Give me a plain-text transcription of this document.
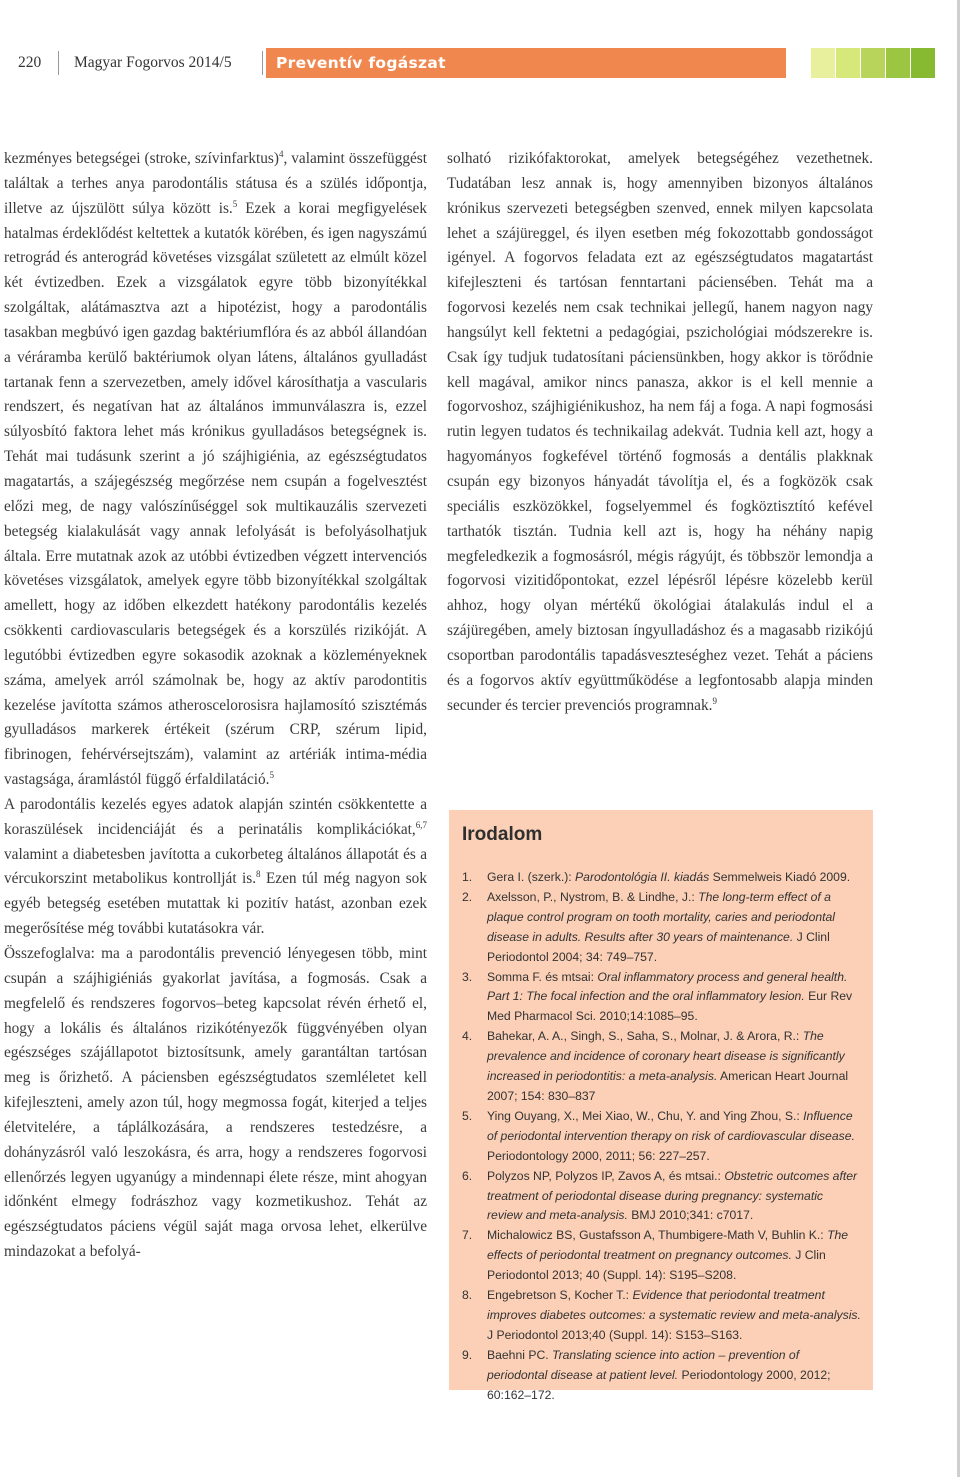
220 Magyar Fogorvos 2014/5	Preventív fogászat

kezményes betegségei (stroke, szívinfarktus)$^4$, valamint összefüggést találtak a terhes anya parodontális státusa és a szülés időpontja, illetve az újszülött súlya között is.$^5$ Ezek a korai megfigyelések hatalmas érdeklődést keltettek a kutatók körében, és igen nagyszámú retrográd és anterográd követéses vizsgálat született az elmúlt közel két évtizedben. Ezek a vizsgálatok egyre több bizonyítékkal szolgáltak, alátámasztva azt a hipotézist, hogy a parodontális tasakban megbúvó igen gazdag baktériumflóra és az abból állandóan a véráramba kerülő baktériumok olyan látens, általános gyulladást tartanak fenn a szervezetben, amely idővel károsíthatja a vascularis rendszert, és negatívan hat az általános immunválaszra is, ezzel súlyosbító faktora lehet más krónikus gyulladásos betegségnek is. Tehát mai tudásunk szerint a jó szájhigiénia, az egészségtudatos magatartás, a szájegészség megőrzése nem csupán a fogelvesztést előzi meg, de nagy valószínűséggel sok multikauzális szervezeti betegség kialakulását vagy annak lefolyását is befolyásolhatjuk általa. Erre mutatnak azok az utóbbi évtizedben végzett intervenciós követéses vizsgálatok, amelyek egyre több bizonyítékkal szolgáltak amellett, hogy az időben elkezdett hatékony parodontális kezelés csökkenti cardiovascularis betegségek és a korszülés rizikóját. A legutóbbi évtizedben egyre sokasodik azoknak a közleményeknek száma, amelyek arról számolnak be, hogy az aktív parodontitis kezelése javította számos atheroscelorosisra hajlamosító szisztémás gyulladásos markerek értékeit (szérum CRP, szérum lipid, fibrinogen, fehérvérsejtszám), valamint az artériák intima-média vastagsága, áramlástól függő érfaldilatáció.$^5$

A parodontális kezelés egyes adatok alapján szintén csökkentette a koraszülések incidenciáját és a perinatális komplikációkat,$^{6,7}$ valamint a diabetesben javította a cukorbeteg általános állapotát és a vércukorszint metabolikus kontrollját is.$^8$ Ezen túl még nagyon sok egyéb betegség esetében mutattak ki pozitív hatást, azonban ezek megerősítése még további kutatásokra vár.

Összefoglalva: ma a parodontális prevenció lényegesen több, mint csupán a szájhigiéniás gyakorlat javítása, a fogmosás. Csak a megfelelő és rendszeres fogorvos–beteg kapcsolat révén érhető el, hogy a lokális és általános rizikótényezők függvényében olyan egészséges szájállapotot biztosítsunk, amely garantáltan tartósan meg is őrizhető. A páciensben egészségtudatos szemléletet kell kifejleszteni, amely azon túl, hogy megmossa fogát, kiterjed a teljes életvitelére, a táplálkozására, a rendszeres testedzésre, a dohányzásról való leszokásra, és arra, hogy a rendszeres fogorvosi ellenőrzés legyen ugyanúgy a mindennapi élete része, mint ahogyan időnként elmegy fodrászhoz vagy kozmetikushoz. Tehát az egészségtudatos páciens végül saját maga orvosa lehet, elkerülve mindazokat a befolyá-

solható rizikófaktorokat, amelyek betegségéhez vezethetnek. Tudatában lesz annak is, hogy amennyiben bizonyos általános krónikus szervezeti betegségben szenved, ennek milyen kapcsolata lehet a szájüreggel, és ilyen esetben még fokozottabb gondosságot igényel. A fogorvos feladata ezt az egészségtudatos magatartást kifejleszteni és tartósan fenntartani páciensében. Tehát ma a fogorvosi kezelés nem csak technikai jellegű, hanem nagyon nagy hangsúlyt kell fektetni a pedagógiai, pszichológiai módszerekre is. Csak így tudjuk tudatosítani páciensünkben, hogy akkor is törődnie kell magával, amikor nincs panasza, akkor is el kell mennie a fogorvoshoz, szájhigiénikushoz, ha nem fáj a foga. A napi fogmosási rutin legyen tudatos és technikailag adekvát. Tudnia kell azt, hogy a hagyományos fogkefével történő fogmosás a dentális plakknak csupán egy bizonyos hányadát távolítja el, és a fogközök csak speciális eszközökkel, fogselyemmel és fogköztisztító kefével tarthatók tisztán. Tudnia kell azt is, hogy ha néhány napig megfeledkezik a fogmosásról, mégis rágyújt, és többször lemondja a fogorvosi vizitidőpontokat, ezzel lépésről lépésre közelebb kerül ahhoz, hogy olyan mértékű ökológiai átalakulás indul el a szájüregében, amely biztosan íngyulladáshoz és a magasabb rizikójú csoportban parodontális tapadásveszteséghez vezet. Tehát a páciens és a fogorvos aktív együttműködése a legfontosabb alapja minden secunder és tercier prevenciós programnak.$^9$

Irodalom
1. Gera I. (szerk.): Parodontológia II. kiadás Semmelweis Kiadó 2009.
2. Axelsson, P., Nystrom, B. & Lindhe, J.: The long-term effect of a plaque control program on tooth mortality, caries and periodontal disease in adults. Results after 30 years of maintenance. J Clinl Periodontol 2004; 34: 749–757.
3. Somma F. és mtsai: Oral inflammatory process and general health. Part 1: The focal infection and the oral inflammatory lesion. Eur Rev Med Pharmacol Sci. 2010;14:1085–95.
4. Bahekar, A. A., Singh, S., Saha, S., Molnar, J. & Arora, R.: The prevalence and incidence of coronary heart disease is significantly increased in periodontitis: a meta-analysis. American Heart Journal 2007; 154: 830–837
5. Ying Ouyang, X., Mei Xiao, W., Chu, Y. and Ying Zhou, S.: Influence of periodontal intervention therapy on risk of cardiovascular disease. Periodontology 2000, 2011; 56: 227–257.
6. Polyzos NP, Polyzos IP, Zavos A, és mtsai.: Obstetric outcomes after treatment of periodontal disease during pregnancy: systematic review and meta-analysis. BMJ 2010;341: c7017.
7. Michalowicz BS, Gustafsson A, Thumbigere-Math V, Buhlin K.: The effects of periodontal treatment on pregnancy outcomes. J Clin Periodontol 2013; 40 (Suppl. 14): S195–S208.
8. Engebretson S, Kocher T.: Evidence that periodontal treatment improves diabetes outcomes: a systematic review and meta-analysis. J Periodontol 2013;40 (Suppl. 14): S153–S163.
9. Baehni PC. Translating science into action – prevention of periodontal disease at patient level. Periodontology 2000, 2012; 60:162–172.
